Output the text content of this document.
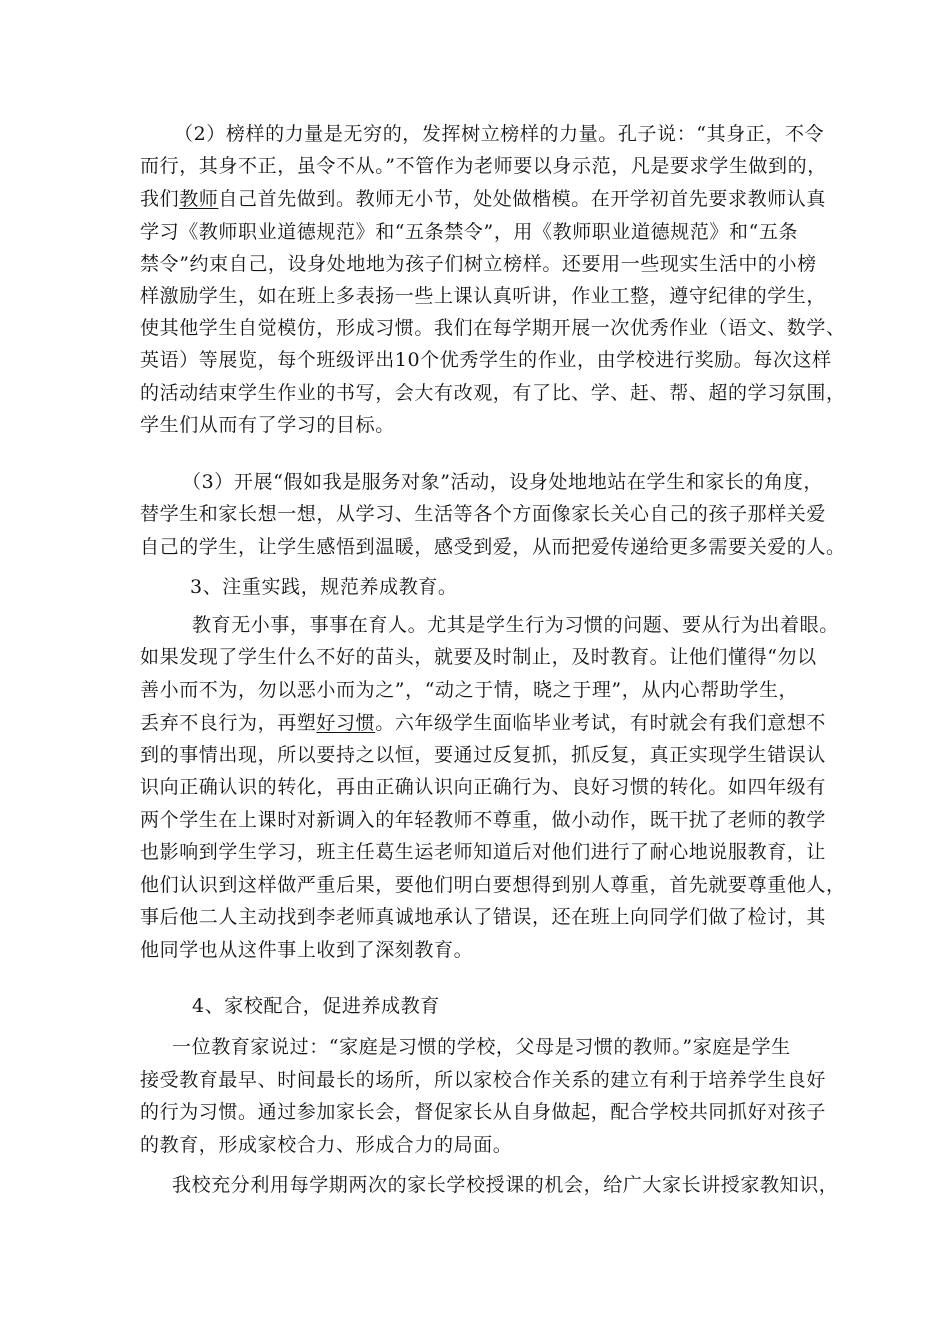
（2）榜样的力量是无穷的，发挥树立榜样的力量。孔子说：“其身正，不令
而行，其身不正，虽令不从。”不管作为老师要以身示范，凡是要求学生做到的，
我们教师自己首先做到。教师无小节，处处做楷模。在开学初首先要求教师认真
学习《教师职业道德规范》和“五条禁令”，用《教师职业道德规范》和“五条
禁令”约束自己，设身处地地为孩子们树立榜样。还要用一些现实生活中的小榜
样激励学生，如在班上多表扬一些上课认真听讲，作业工整，遵守纪律的学生，
使其他学生自觉模仿，形成习惯。我们在每学期开展一次优秀作业（语文、数学、
英语）等展览，每个班级评出10个优秀学生的作业，由学校进行奖励。每次这样
的活动结束学生作业的书写，会大有改观，有了比、学、赶、帮、超的学习氛围，
学生们从而有了学习的目标。
（3）开展“假如我是服务对象”活动，设身处地地站在学生和家长的角度，
替学生和家长想一想，从学习、生活等各个方面像家长关心自己的孩子那样关爱
自己的学生，让学生感悟到温暖，感受到爱，从而把爱传递给更多需要关爱的人。
3、注重实践，规范养成教育。
教育无小事，事事在育人。尤其是学生行为习惯的问题、要从行为出着眼。
如果发现了学生什么不好的苗头，就要及时制止，及时教育。让他们懂得“勿以
善小而不为，勿以恶小而为之”，“动之于情，晓之于理”，从内心帮助学生，
丢弃不良行为，再塑好习惯。六年级学生面临毕业考试，有时就会有我们意想不
到的事情出现，所以要持之以恒，要通过反复抓，抓反复，真正实现学生错误认
识向正确认识的转化，再由正确认识向正确行为、良好习惯的转化。如四年级有
两个学生在上课时对新调入的年轻教师不尊重，做小动作，既干扰了老师的教学
也影响到学生学习，班主任葛生运老师知道后对他们进行了耐心地说服教育，让
他们认识到这样做严重后果，要他们明白要想得到别人尊重，首先就要尊重他人，
事后他二人主动找到李老师真诚地承认了错误，还在班上向同学们做了检讨，其
他同学也从这件事上收到了深刻教育。
4、家校配合，促进养成教育
一位教育家说过：“家庭是习惯的学校，父母是习惯的教师。”家庭是学生
接受教育最早、时间最长的场所，所以家校合作关系的建立有利于培养学生良好
的行为习惯。通过参加家长会，督促家长从自身做起，配合学校共同抓好对孩子
的教育，形成家校合力、形成合力的局面。
我校充分利用每学期两次的家长学校授课的机会，给广大家长讲授家教知识，
